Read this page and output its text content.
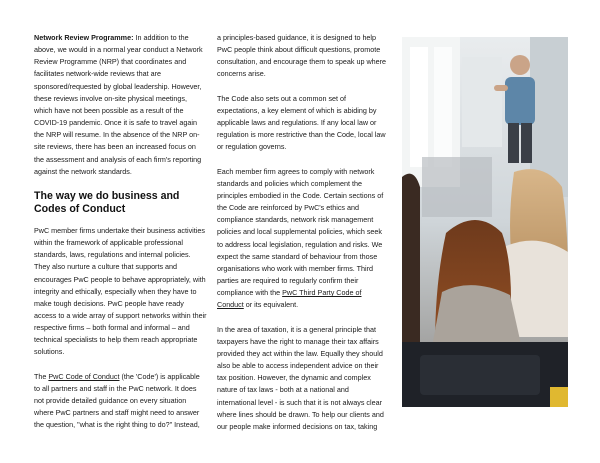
Network Review Programme: In addition to the above, we would in a normal year conduct a Network Review Programme (NRP) that coordinates and facilitates network-wide reviews that are sponsored/requested by global leadership. However, these reviews involve on-site physical meetings, which have not been possible as a result of the COVID-19 pandemic. Once it is safe to travel again the NRP will resume. In the absence of the NRP on-site reviews, there has been an increased focus on the assessment and analysis of each firm's reporting against the network standards.

The way we do business and Codes of Conduct

PwC member firms undertake their business activities within the framework of applicable professional standards, laws, regulations and internal policies. They also nurture a culture that supports and encourages PwC people to behave appropriately, with integrity and ethically, especially when they have to make tough decisions. PwC people have ready access to a wide array of support networks within their respective firms – both formal and informal – and technical specialists to help them reach appropriate solutions.

The PwC Code of Conduct (the 'Code') is applicable to all partners and staff in the PwC network. It does not provide detailed guidance on every situation where PwC partners and staff might need to answer the question, "what is the right thing to do?" Instead,

a principles-based guidance, it is designed to help PwC people think about difficult questions, promote consultation, and encourage them to speak up where concerns arise.

The Code also sets out a common set of expectations, a key element of which is abiding by applicable laws and regulations. If any local law or regulation is more restrictive than the Code, local law or regulation governs.

Each member firm agrees to comply with network standards and policies which complement the principles embodied in the Code. Certain sections of the Code are reinforced by PwC's ethics and compliance standards, network risk management policies and local supplemental policies, which seek to address local legislation, regulation and risks. We expect the same standard of behaviour from those organisations who work with member firms. Third parties are required to regularly confirm their compliance with the PwC Third Party Code of Conduct or its equivalent.

In the area of taxation, it is a general principle that taxpayers have the right to manage their tax affairs provided they act within the law. Equally they should also be able to access independent advice on their tax position. However, the dynamic and complex nature of tax laws - both at a national and international level - is such that it is not always clear where lines should be drawn. To help our clients and our people make informed decisions on tax, taking
